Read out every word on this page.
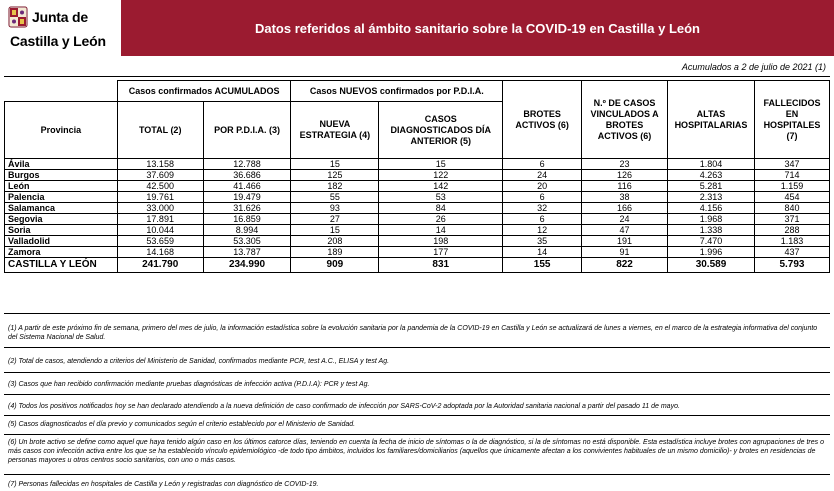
Junta de
Castilla y León
Datos referidos al ámbito sanitario sobre la COVID-19 en Castilla y León
Acumulados a 2 de julio de 2021 (1)
	Casos confirmados ACUMULADOS		Casos NUEVOS confirmados por P.D.I.A.		BROTES ACTIVOS (6)	N.º DE CASOS VINCULADOS A BROTES ACTIVOS (6)	ALTAS HOSPITALARIAS	FALLECIDOS EN HOSPITALES (7)
Provincia	TOTAL (2)	POR P.D.I.A. (3)	NUEVA ESTRATEGIA (4)	CASOS DIAGNOSTICADOS DÍA ANTERIOR (5)				
Ávila	13.158	12.788	15	15	6	23	1.804	347
Burgos	37.609	36.686	125	122	24	126	4.263	714
León	42.500	41.466	182	142	20	116	5.281	1.159
Palencia	19.761	19.479	55	53	6	38	2.313	454
Salamanca	33.000	31.626	93	84	32	166	4.156	840
Segovia	17.891	16.859	27	26	6	24	1.968	371
Soria	10.044	8.994	15	14	12	47	1.338	288
Valladolid	53.659	53.305	208	198	35	191	7.470	1.183
Zamora	14.168	13.787	189	177	14	91	1.996	437
CASTILLA Y LEÓN	241.790	234.990	909	831	155	822	30.589	5.793
(1) A partir de este próximo fin de semana, primero del mes de julio, la información estadística sobre la evolución sanitaria por la pandemia de la COVID-19 en Castilla y León se actualizará de lunes a viernes, en el marco de la estrategia informativa del conjunto del Sistema Nacional de Salud.
(2) Total de casos, atendiendo a criterios del Ministerio de Sanidad, confirmados mediante PCR, test A.C., ELISA y test Ag.
(3) Casos que han recibido confirmación mediante pruebas diagnósticas de infección activa (P.D.I.A): PCR y test Ag.
(4) Todos los positivos notificados hoy se han declarado atendiendo a la nueva definición de caso confirmado de infección por SARS-CoV-2 adoptada por la Autoridad sanitaria nacional a partir del pasado 11 de mayo.
(5) Casos diagnosticados el día previo y comunicados según el criterio establecido por el Ministerio de Sanidad.
(6) Un brote activo se define como aquel que haya tenido algún caso en los últimos catorce días, teniendo en cuenta la fecha de inicio de síntomas o la de diagnóstico, si la de síntomas no está disponible. Esta estadística incluye brotes con agrupaciones de tres o más casos con infección activa entre los que se ha establecido vínculo epidemiológico -de todo tipo ámbitos, incluidos los familiares/domiciliarios (aquellos que únicamente afectan a los convivientes habituales de un mismo domicilio)- y brotes en residencias de personas mayores u otros centros socio sanitarios, con uno o más casos.
(7) Personas fallecidas en hospitales de Castilla y León y registradas con diagnóstico de COVID-19.
